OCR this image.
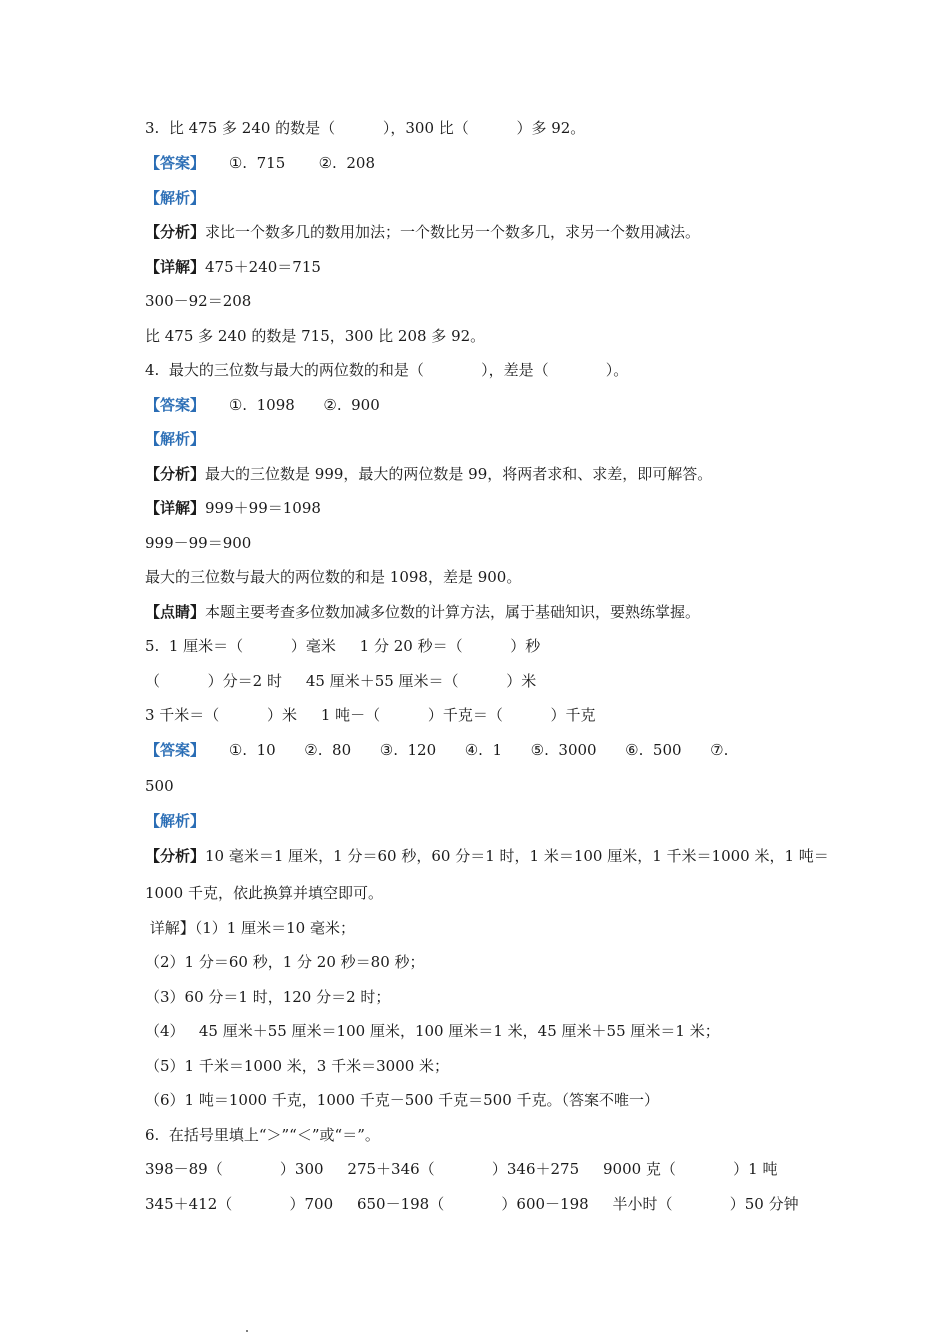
3.  比 475 多 240 的数是（          ），300 比（          ）多 92。
【答案】     ①.  715       ②.  208
【解析】
【分析】求比一个数多几的数用加法；一个数比另一个数多几，求另一个数用减法。
【详解】475＋240＝715
300－92＝208
比 475 多 240 的数是 715，300 比 208 多 92。
4.  最大的三位数与最大的两位数的和是（            ），差是（            ）。
【答案】     ①.  1098      ②.  900
【解析】
【分析】最大的三位数是 999，最大的两位数是 99，将两者求和、求差，即可解答。
【详解】999＋99＝1098
999－99＝900
最大的三位数与最大的两位数的和是 1098，差是 900。
【点睛】本题主要考查多位数加减多位数的计算方法，属于基础知识，要熟练掌握。
5.  1 厘米＝（          ）毫米     1 分 20 秒＝（          ）秒
（          ）分＝2 时     45 厘米＋55 厘米＝（          ）米
3 千米＝（          ）米     1 吨－（          ）千克＝（          ）千克
【答案】     ①.  10      ②.  80      ③.  120      ④.  1      ⑤.  3000      ⑥.  500      ⑦.
500
【解析】
【分析】10 毫米＝1 厘米，1 分＝60 秒，60 分＝1 时，1 米＝100 厘米，1 千米＝1000 米，1 吨＝
1000 千克，依此换算并填空即可。
详解】（1）1 厘米＝10 毫米；
（2）1 分＝60 秒，1 分 20 秒＝80 秒；
（3）60 分＝1 时，120 分＝2 时；
（4）   45 厘米＋55 厘米＝100 厘米，100 厘米＝1 米，45 厘米＋55 厘米＝1 米；
（5）1 千米＝1000 米，3 千米＝3000 米；
（6）1 吨＝1000 千克，1000 千克－500 千克＝500 千克。（答案不唯一）
6.  在括号里填上“＞”“＜”或“＝”。
398－89（            ）300     275＋346（            ）346＋275     9000 克（            ）1 吨
345＋412（            ）700     650－198（            ）600－198     半小时（            ）50 分钟
